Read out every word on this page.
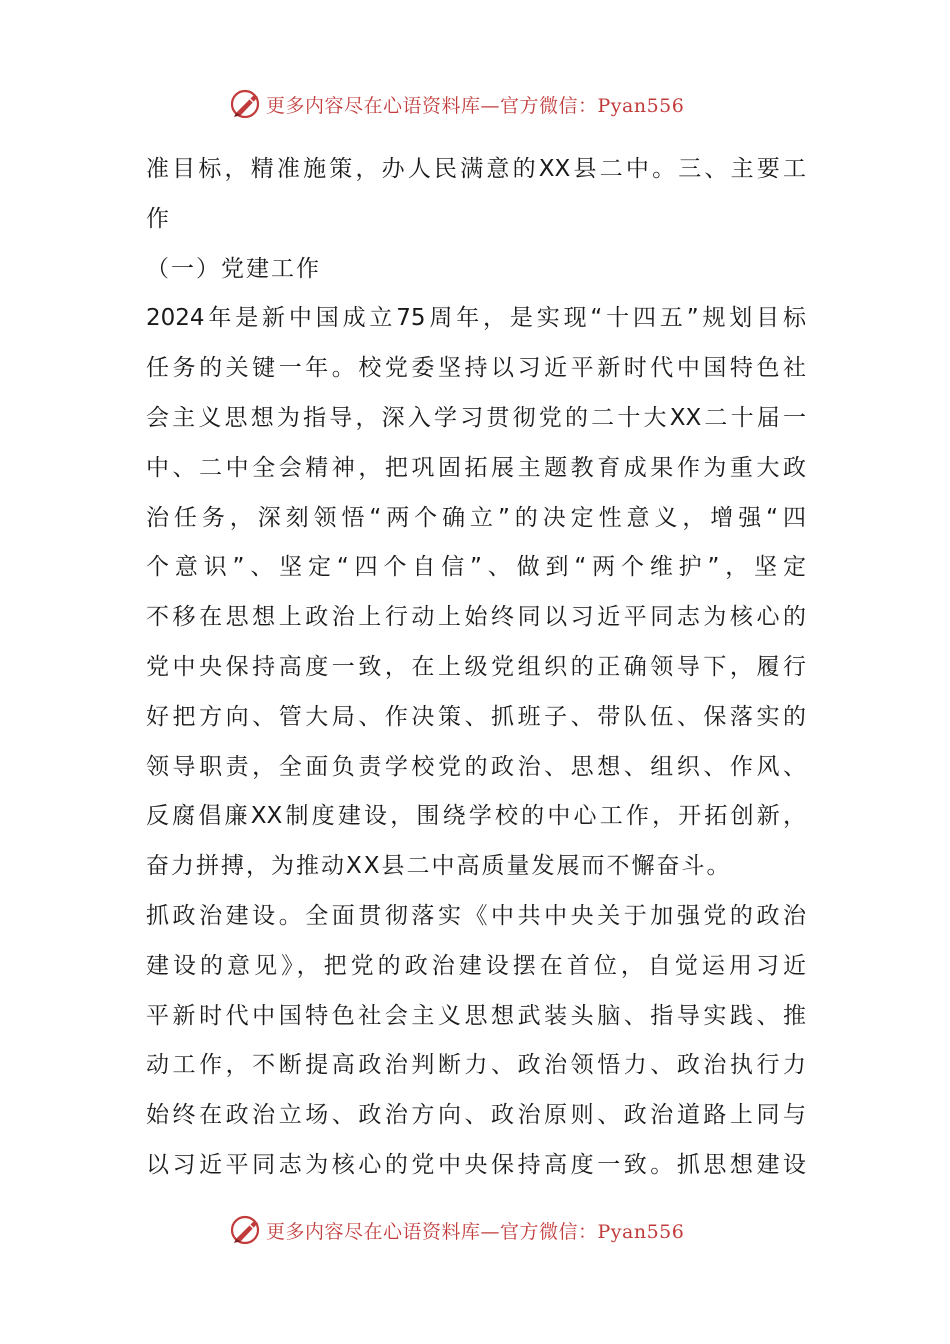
更多内容尽在心语资料库—官方微信：Pyan556
准目标，精准施策，办人民满意的XX县二中。三、主要工
作
（一）党建工作
2024年是新中国成立75周年，是实现“十四五”规划目标
任务的关键一年。校党委坚持以习近平新时代中国特色社
会主义思想为指导，深入学习贯彻党的二十大XX二十届一
中、二中全会精神，把巩固拓展主题教育成果作为重大政
治任务，深刻领悟“两个确立”的决定性意义，增强“四
个意识”、坚定“四个自信”、做到“两个维护”，坚定
不移在思想上政治上行动上始终同以习近平同志为核心的
党中央保持高度一致，在上级党组织的正确领导下，履行
好把方向、管大局、作决策、抓班子、带队伍、保落实的
领导职责，全面负责学校党的政治、思想、组织、作风、
反腐倡廉XX制度建设，围绕学校的中心工作，开拓创新，
奋力拼搏，为推动XX县二中高质量发展而不懈奋斗。
抓政治建设。全面贯彻落实《中共中央关于加强党的政治
建设的意见》，把党的政治建设摆在首位，自觉运用习近
平新时代中国特色社会主义思想武装头脑、指导实践、推
动工作，不断提高政治判断力、政治领悟力、政治执行力
始终在政治立场、政治方向、政治原则、政治道路上同与
以习近平同志为核心的党中央保持高度一致。抓思想建设
更多内容尽在心语资料库—官方微信：Pyan556
